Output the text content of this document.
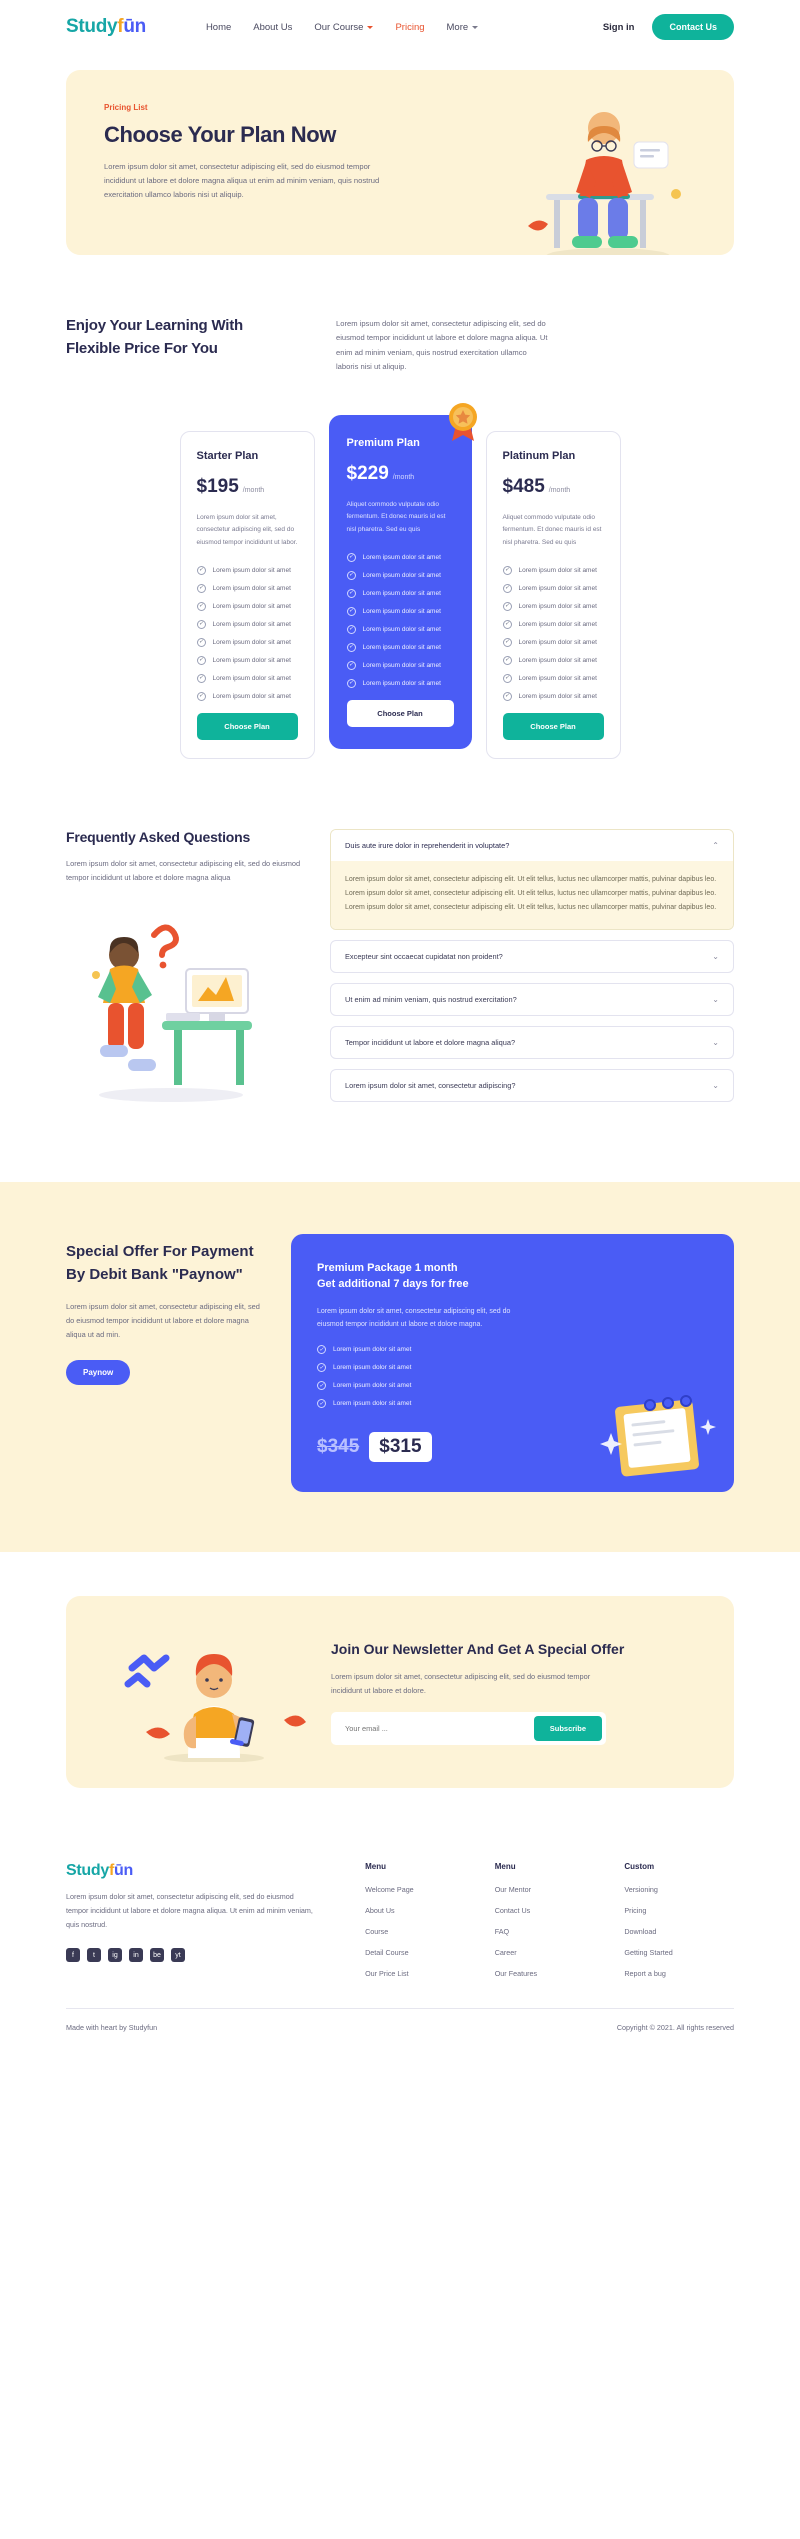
Studyfūn	Home About Us Our Course	Pricing More	Sign in	Contact Us
Pricing List
Choose Your Plan Now

Lorem ipsum dolor sit amet, consectetur adipiscing elit, sed do eiusmod tempor incididunt ut labore et dolore magna aliqua ut enim ad minim veniam, quis nostrud exercitation ullamco laboris nisi ut aliquip.

Enjoy Your Learning With Flexible Price For You

Lorem ipsum dolor sit amet, consectetur adipiscing elit, sed do eiusmod tempor incididunt ut labore et dolore magna aliqua. Ut enim ad minim veniam, quis nostrud exercitation ullamco laboris nisi ut aliquip.

Starter Plan
$195 /month
Lorem ipsum dolor sit amet, consectetur adipiscing elit, sed do eiusmod tempor incididunt ut labor.
✓	Lorem ipsum dolor sit amet
✓	Lorem ipsum dolor sit amet
✓	Lorem ipsum dolor sit amet
✓	Lorem ipsum dolor sit amet
✓	Lorem ipsum dolor sit amet
✓	Lorem ipsum dolor sit amet
✓	Lorem ipsum dolor sit amet
✓	Lorem ipsum dolor sit amet
Choose Plan
Premium Plan
$229 /month
Aliquet commodo vulputate odio fermentum. Et donec mauris id est nisl pharetra. Sed eu quis
✓	Lorem ipsum dolor sit amet
✓	Lorem ipsum dolor sit amet
✓	Lorem ipsum dolor sit amet
✓	Lorem ipsum dolor sit amet
✓	Lorem ipsum dolor sit amet
✓	Lorem ipsum dolor sit amet
✓	Lorem ipsum dolor sit amet
✓	Lorem ipsum dolor sit amet
Choose Plan
Platinum Plan
$485 /month
Aliquet commodo vulputate odio fermentum. Et donec mauris id est nisl pharetra. Sed eu quis
✓	Lorem ipsum dolor sit amet
✓	Lorem ipsum dolor sit amet
✓	Lorem ipsum dolor sit amet
✓	Lorem ipsum dolor sit amet
✓	Lorem ipsum dolor sit amet
✓	Lorem ipsum dolor sit amet
✓	Lorem ipsum dolor sit amet
✓	Lorem ipsum dolor sit amet
Choose Plan
Frequently Asked Questions

Lorem ipsum dolor sit amet, consectetur adipiscing elit, sed do eiusmod tempor incididunt ut labore et dolore magna aliqua

Duis aute irure dolor in reprehenderit in voluptate?	⌃
Lorem ipsum dolor sit amet, consectetur adipiscing elit. Ut elit tellus, luctus nec ullamcorper mattis, pulvinar dapibus leo. Lorem ipsum dolor sit amet, consectetur adipiscing elit. Ut elit tellus, luctus nec ullamcorper mattis, pulvinar dapibus leo. Lorem ipsum dolor sit amet, consectetur adipiscing elit. Ut elit tellus, luctus nec ullamcorper mattis, pulvinar dapibus leo.
Excepteur sint occaecat cupidatat non proident?	⌄
Ut enim ad minim veniam, quis nostrud exercitation?	⌄
Tempor incididunt ut labore et dolore magna aliqua?	⌄
Lorem ipsum dolor sit amet, consectetur adipiscing?	⌄
Special Offer For Payment By Debit Bank "Paynow"

Lorem ipsum dolor sit amet, consectetur adipiscing elit, sed do eiusmod tempor incididunt ut labore et dolore magna aliqua ut ad min.

Paynow
Premium Package 1 month
Get additional 7 days for free

Lorem ipsum dolor sit amet, consectetur adipiscing elit, sed do eiusmod tempor incididunt ut labore et dolore magna.

✓	Lorem ipsum dolor sit amet
✓	Lorem ipsum dolor sit amet
✓	Lorem ipsum dolor sit amet
✓	Lorem ipsum dolor sit amet
$345	$315
Join Our Newsletter And Get A Special Offer

Lorem ipsum dolor sit amet, consectetur adipiscing elit, sed do eiusmod tempor incididunt ut labore et dolore.

Your email ...
Subscribe
Studyfūn

Lorem ipsum dolor sit amet, consectetur adipiscing elit, sed do eiusmod tempor incididunt ut labore et dolore magna aliqua. Ut enim ad minim veniam, quis nostrud.

f	t	ig	in	be	yt
Menu
Welcome Page
About Us
Course
Detail Course
Our Price List
Menu
Our Mentor
Contact Us
FAQ
Career
Our Features
Custom
Versioning
Pricing
Download
Getting Started
Report a bug
Made with heart by Studyfun	Copyright © 2021. All rights reserved
